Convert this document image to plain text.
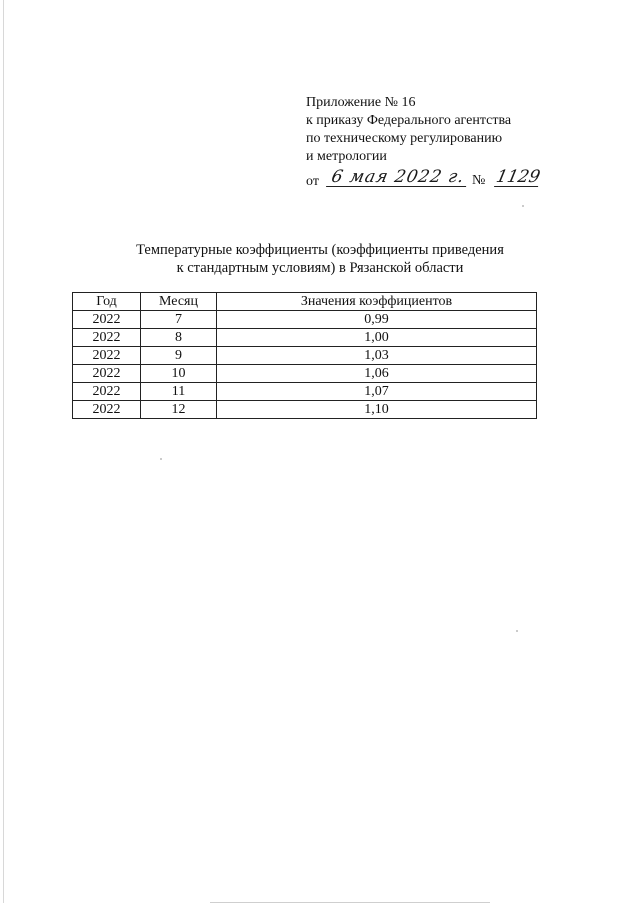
Приложение № 16
к приказу Федерального агентства
по техническому регулированию
и метрологии
от 6 мая 2022 г. № 1129
Температурные коэффициенты (коэффициенты приведения
к стандартным условиям) в Рязанской области
Год	Месяц	Значения коэффициентов
2022	7	0,99
2022	8	1,00
2022	9	1,03
2022	10	1,06
2022	11	1,07
2022	12	1,10
